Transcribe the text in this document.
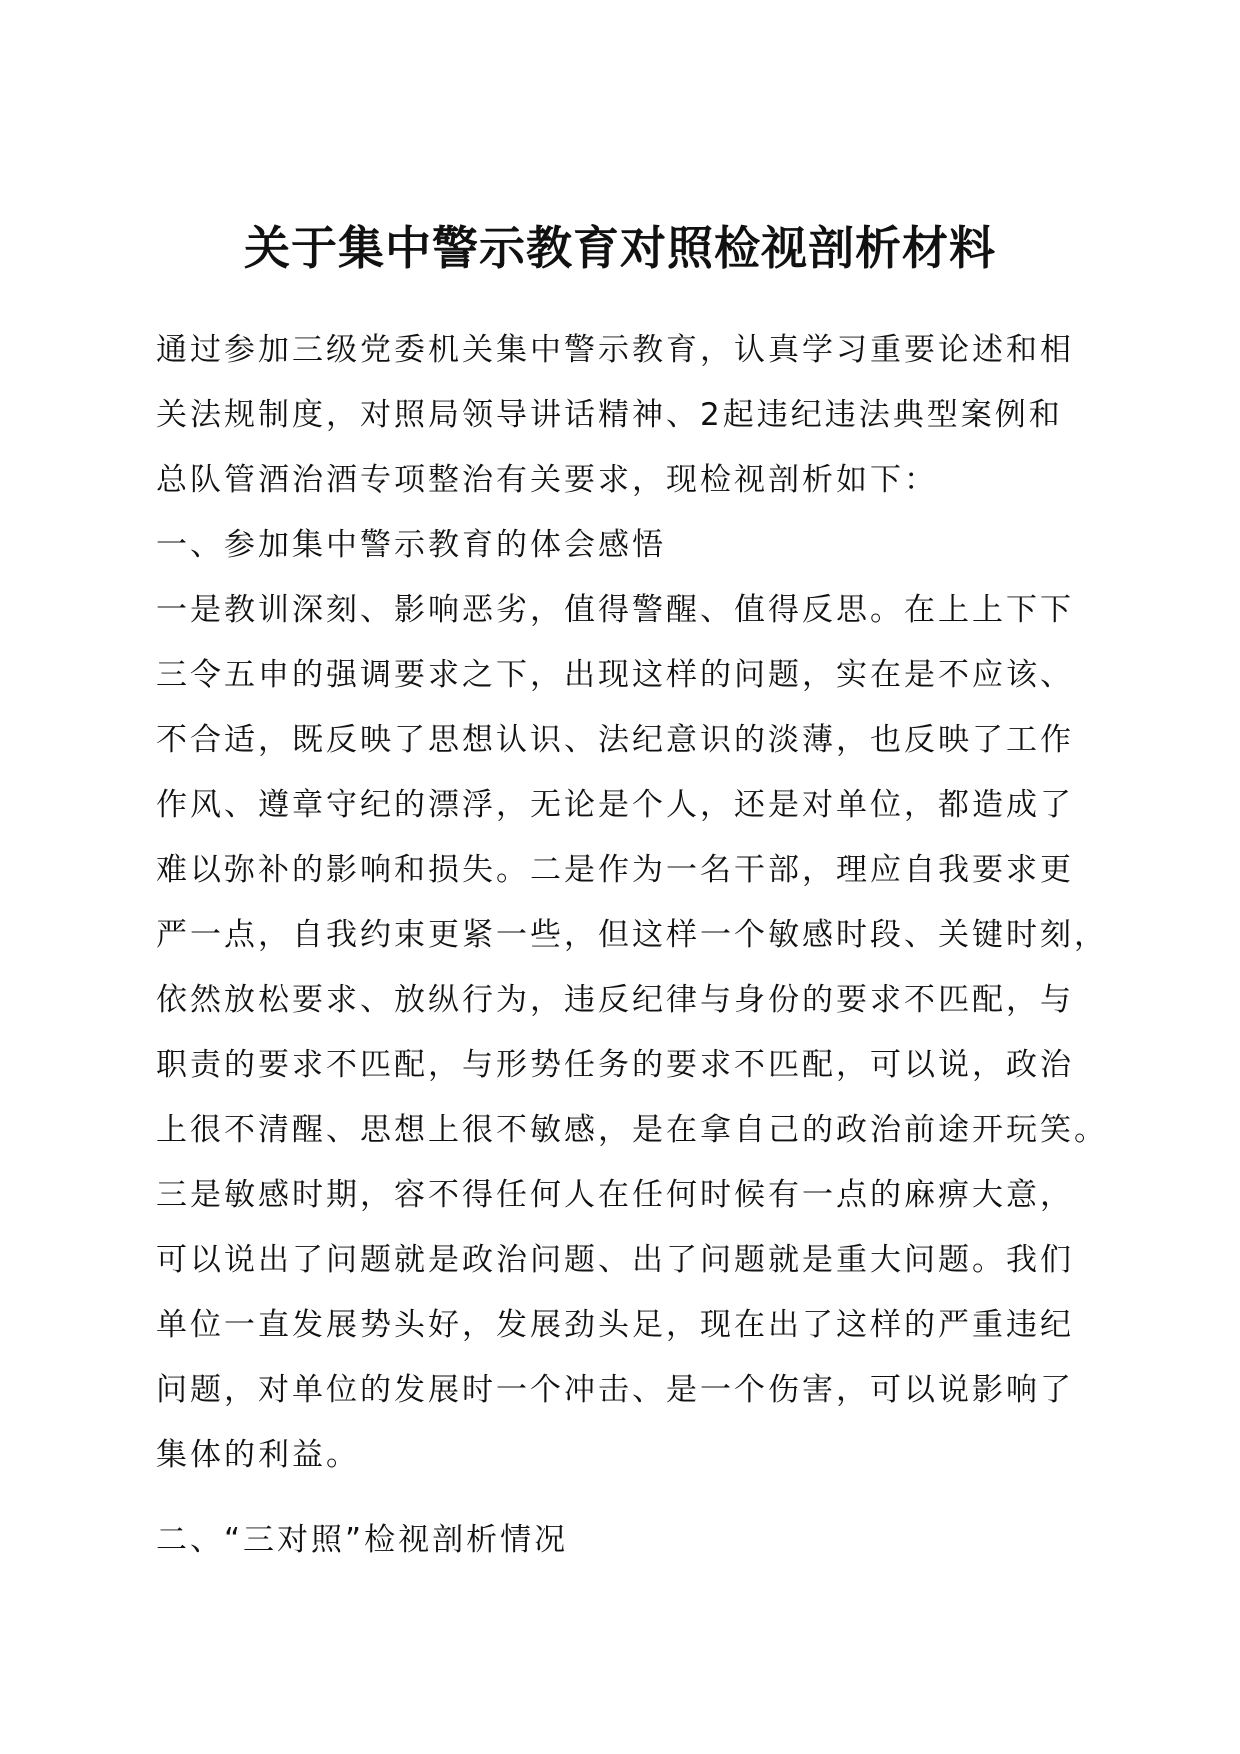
关于集中警示教育对照检视剖析材料
通过参加三级党委机关集中警示教育，认真学习重要论述和相
关法规制度，对照局领导讲话精神、2起违纪违法典型案例和
总队管酒治酒专项整治有关要求，现检视剖析如下：
一、参加集中警示教育的体会感悟
一是教训深刻、影响恶劣，值得警醒、值得反思。在上上下下
三令五申的强调要求之下，出现这样的问题，实在是不应该、
不合适，既反映了思想认识、法纪意识的淡薄，也反映了工作
作风、遵章守纪的漂浮，无论是个人，还是对单位，都造成了
难以弥补的影响和损失。二是作为一名干部，理应自我要求更
严一点，自我约束更紧一些，但这样一个敏感时段、关键时刻，
依然放松要求、放纵行为，违反纪律与身份的要求不匹配，与
职责的要求不匹配，与形势任务的要求不匹配，可以说，政治
上很不清醒、思想上很不敏感，是在拿自己的政治前途开玩笑。
三是敏感时期，容不得任何人在任何时候有一点的麻痹大意，
可以说出了问题就是政治问题、出了问题就是重大问题。我们
单位一直发展势头好，发展劲头足，现在出了这样的严重违纪
问题，对单位的发展时一个冲击、是一个伤害，可以说影响了
集体的利益。
二、“三对照”检视剖析情况
